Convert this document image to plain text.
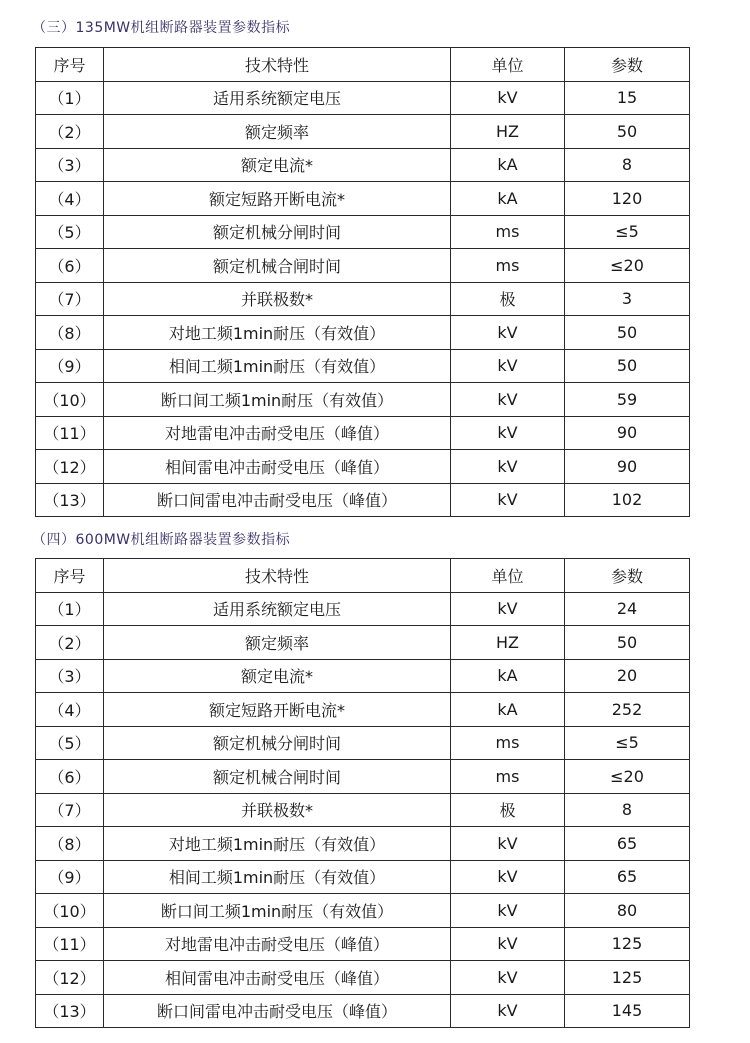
（三）135MW机组断路器装置参数指标
序号	技术特性	单位	参数
（1）	适用系统额定电压	kV	15
（2）	额定频率	HZ	50
（3）	额定电流*	kA	8
（4）	额定短路开断电流*	kA	120
（5）	额定机械分闸时间	ms	≤5
（6）	额定机械合闸时间	ms	≤20
（7）	并联极数*	极	3
（8）	对地工频1min耐压（有效值）	kV	50
（9）	相间工频1min耐压（有效值）	kV	50
（10）	断口间工频1min耐压（有效值）	kV	59
（11）	对地雷电冲击耐受电压（峰值）	kV	90
（12）	相间雷电冲击耐受电压（峰值）	kV	90
（13）	断口间雷电冲击耐受电压（峰值）	kV	102
（四）600MW机组断路器装置参数指标
序号	技术特性	单位	参数
（1）	适用系统额定电压	kV	24
（2）	额定频率	HZ	50
（3）	额定电流*	kA	20
（4）	额定短路开断电流*	kA	252
（5）	额定机械分闸时间	ms	≤5
（6）	额定机械合闸时间	ms	≤20
（7）	并联极数*	极	8
（8）	对地工频1min耐压（有效值）	kV	65
（9）	相间工频1min耐压（有效值）	kV	65
（10）	断口间工频1min耐压（有效值）	kV	80
（11）	对地雷电冲击耐受电压（峰值）	kV	125
（12）	相间雷电冲击耐受电压（峰值）	kV	125
（13）	断口间雷电冲击耐受电压（峰值）	kV	145
